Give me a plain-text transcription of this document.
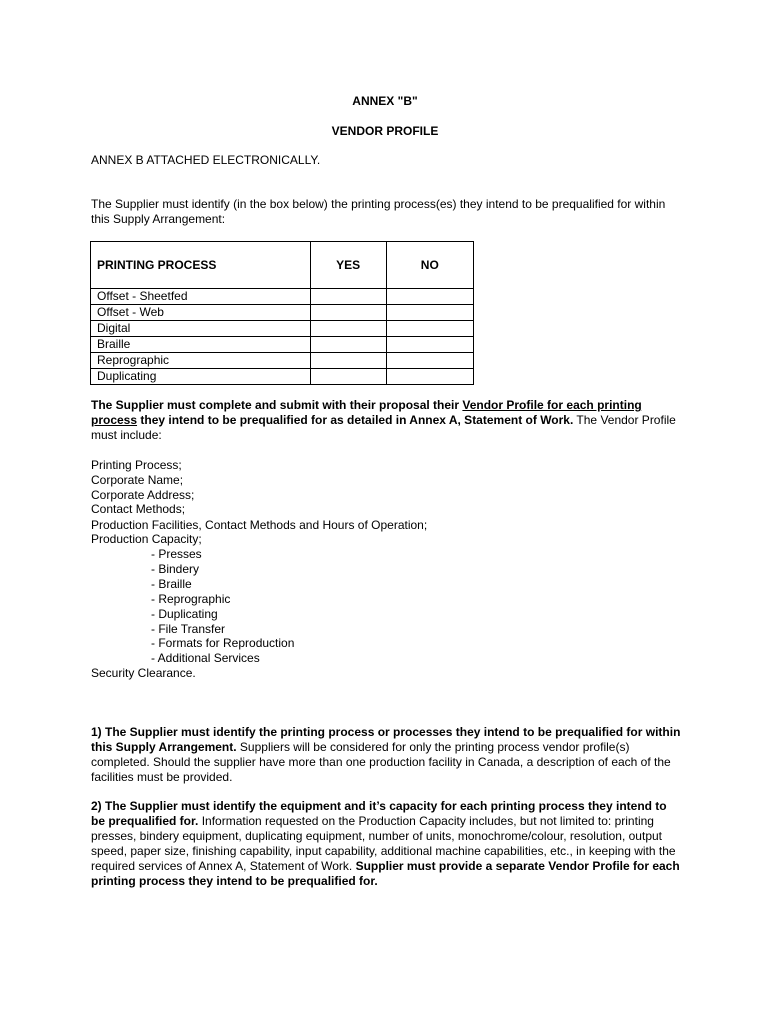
ANNEX "B"
VENDOR PROFILE
ANNEX B ATTACHED ELECTRONICALLY.
The Supplier must identify (in the box below) the printing process(es) they intend to be prequalified for within this Supply Arrangement:
PRINTING PROCESS	YES	NO
Offset - Sheetfed		
Offset - Web		
Digital		
Braille		
Reprographic		
Duplicating		
The Supplier must complete and submit with their proposal their Vendor Profile for each printing process they intend to be prequalified for as detailed in Annex A, Statement of Work. The Vendor Profile must include:
Printing Process;
Corporate Name;
Corporate Address;
Contact Methods;
Production Facilities, Contact Methods and Hours of Operation;
Production Capacity;
- Presses
- Bindery
- Braille
- Reprographic
- Duplicating
- File Transfer
- Formats for Reproduction
- Additional Services
Security Clearance.
1) The Supplier must identify the printing process or processes they intend to be prequalified for within this Supply Arrangement. Suppliers will be considered for only the printing process vendor profile(s) completed. Should the supplier have more than one production facility in Canada, a description of each of the facilities must be provided.
2) The Supplier must identify the equipment and it’s capacity for each printing process they intend to be prequalified for. Information requested on the Production Capacity includes, but not limited to: printing presses, bindery equipment, duplicating equipment, number of units, monochrome/colour, resolution, output speed, paper size, finishing capability, input capability, additional machine capabilities, etc., in keeping with the required services of Annex A, Statement of Work. Supplier must provide a separate Vendor Profile for each printing process they intend to be prequalified for.
